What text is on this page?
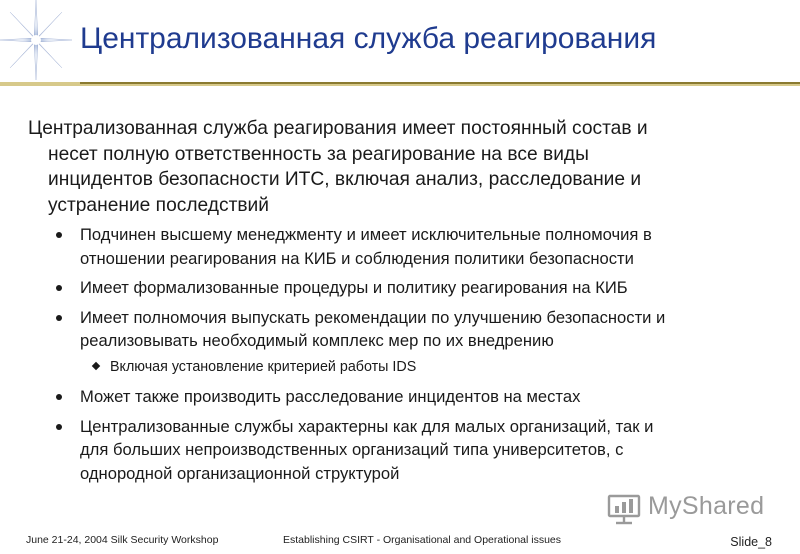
Централизованная служба реагирования
Централизованная служба реагирования имеет постоянный состав и
несет полную ответственность за реагирование на все виды
инцидентов безопасности ИТС, включая анализ, расследование и
устранение последствий
Подчинен высшему менеджменту и имеет исключительные полномочия в
отношении реагирования на КИБ и соблюдения политики безопасности
Имеет формализованные процедуры и политику реагирования на КИБ
Имеет полномочия выпускать рекомендации по улучшению безопасности и
реализовывать необходимый комплекс мер по их внедрению
Включая установление критерией работы IDS
Может также производить расследование инцидентов на местах
Централизованные службы характерны как для малых организаций, так и
для больших непроизводственных организаций типа университетов, с
однородной организационной структурой
MyShared
June 21-24, 2004 Silk Security Workshop	Establishing CSIRT - Organisational and Operational issues	Slide_8
